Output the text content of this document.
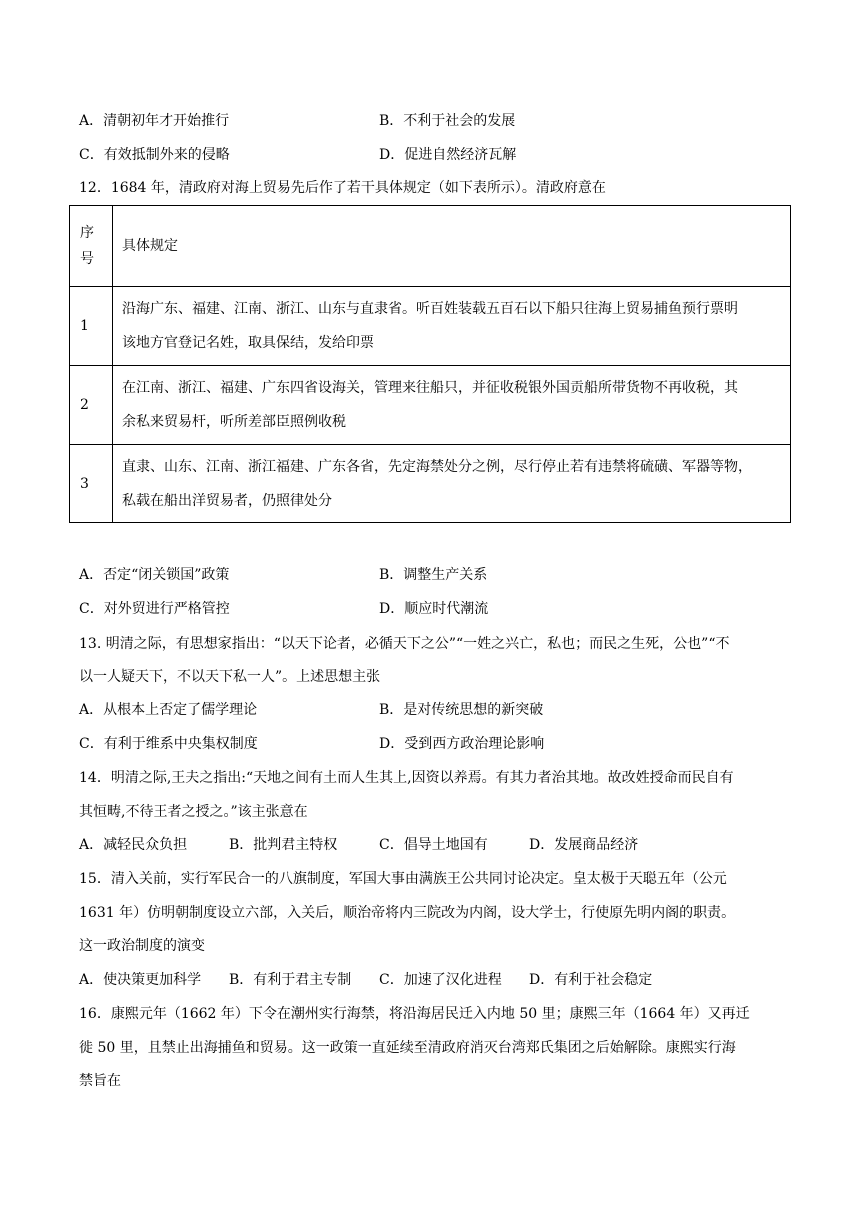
A．清朝初年才开始推行	B．不利于社会的发展
C．有效抵制外来的侵略	D．促进自然经济瓦解
12．1684 年，清政府对海上贸易先后作了若干具体规定（如下表所示）。清政府意在
序
号	具体规定
1	沿海广东、福建、江南、浙江、山东与直隶省。听百姓装载五百石以下船只往海上贸易捕鱼预行票明
该地方官登记名姓，取具保结，发给印票

2	在江南、浙江、福建、广东四省设海关，管理来往船只，并征收税银外国贡船所带货物不再收税，其
余私来贸易杆，听所差部臣照例收税

3	直隶、山东、江南、浙江福建、广东各省，先定海禁处分之例，尽行停止若有违禁将硫磺、军器等物，
私载在船出洋贸易者，仍照律处分
A．否定“闭关锁国”政策	B．调整生产关系
C．对外贸进行严格管控	D．顺应时代潮流
13. 明清之际，有思想家指出：“以天下论者，必循天下之公”“一姓之兴亡，私也；而民之生死，公也”“不
以一人疑天下，不以天下私一人”。上述思想主张
A．从根本上否定了儒学理论	B．是对传统思想的新突破
C．有利于维系中央集权制度	D．受到西方政治理论影响
14．明清之际,王夫之指出:“天地之间有土而人生其上,因资以养焉。有其力者治其地。故改姓授命而民自有
其恒畴,不待王者之授之。”该主张意在
A．减轻民众负担	B．批判君主特权	C．倡导土地国有	D．发展商品经济
15．清入关前，实行军民合一的八旗制度，军国大事由满族王公共同讨论决定。皇太极于天聪五年（公元
1631 年）仿明朝制度设立六部，入关后，顺治帝将内三院改为内阁，设大学士，行使原先明内阁的职责。
这一政治制度的演变
A．使决策更加科学 B．有利于君主专制 C．加速了汉化进程 D．有利于社会稳定
16．康熙元年（1662 年）下令在潮州实行海禁，将沿海居民迁入内地 50 里；康熙三年（1664 年）又再迁
徙 50 里，且禁止出海捕鱼和贸易。这一政策一直延续至清政府消灭台湾郑氏集团之后始解除。康熙实行海
禁旨在
